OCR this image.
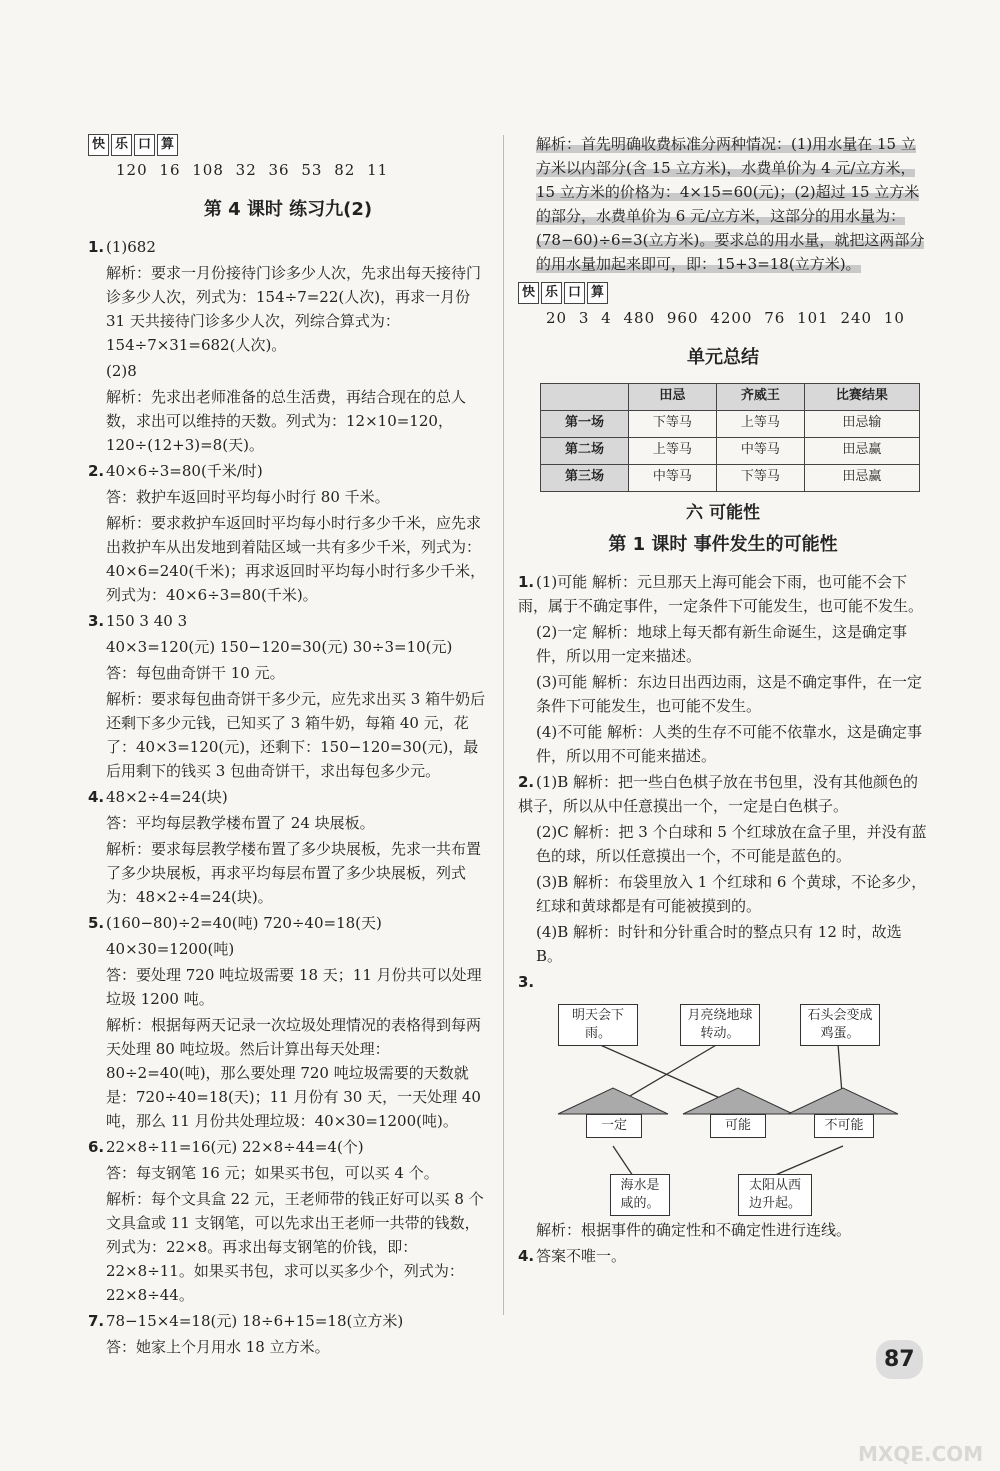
快 乐 口 算
120 16 108 32 36 53 82 11
第 4 课时 练习九(2)
1. (1)682
解析：要求一月份接待门诊多少人次，先求出每天接待门诊多少人次，列式为：154÷7=22(人次)，再求一月份 31 天共接待门诊多少人次，列综合算式为：154÷7×31=682(人次)。
(2)8
解析：先求出老师准备的总生活费，再结合现在的总人数，求出可以维持的天数。列式为：12×10=120，120÷(12+3)=8(天)。
2. 40×6÷3=80(千米/时)
答：救护车返回时平均每小时行 80 千米。
解析：要求救护车返回时平均每小时行多少千米，应先求出救护车从出发地到着陆区域一共有多少千米，列式为：40×6=240(千米)；再求返回时平均每小时行多少千米，列式为：40×6÷3=80(千米)。
3. 150 3 40 3
40×3=120(元) 150−120=30(元) 30÷3=10(元)
答：每包曲奇饼干 10 元。
解析：要求每包曲奇饼干多少元，应先求出买 3 箱牛奶后还剩下多少元钱，已知买了 3 箱牛奶，每箱 40 元，花了：40×3=120(元)，还剩下：150−120=30(元)，最后用剩下的钱买 3 包曲奇饼干，求出每包多少元。
4. 48×2÷4=24(块)
答：平均每层教学楼布置了 24 块展板。
解析：要求每层教学楼布置了多少块展板，先求一共布置了多少块展板，再求平均每层布置了多少块展板，列式为：48×2÷4=24(块)。
5. (160−80)÷2=40(吨) 720÷40=18(天)
40×30=1200(吨)
答：要处理 720 吨垃圾需要 18 天；11 月份共可以处理垃圾 1200 吨。
解析：根据每两天记录一次垃圾处理情况的表格得到每两天处理 80 吨垃圾。然后计算出每天处理：80÷2=40(吨)，那么要处理 720 吨垃圾需要的天数就是：720÷40=18(天)；11 月份有 30 天，一天处理 40 吨，那么 11 月份共处理垃圾：40×30=1200(吨)。
6. 22×8÷11=16(元) 22×8÷44=4(个)
答：每支钢笔 16 元；如果买书包，可以买 4 个。
解析：每个文具盒 22 元，王老师带的钱正好可以买 8 个文具盒或 11 支钢笔，可以先求出王老师一共带的钱数，列式为：22×8。再求出每支钢笔的价钱，即：22×8÷11。如果买书包，求可以买多少个，列式为：22×8÷44。
7. 78−15×4=18(元) 18÷6+15=18(立方米)
答：她家上个月用水 18 立方米。
解析：首先明确收费标准分两种情况：(1)用水量在 15 立方米以内部分(含 15 立方米)，水费单价为 4 元/立方米，15 立方米的价格为：4×15=60(元)；(2)超过 15 立方米的部分，水费单价为 6 元/立方米，这部分的用水量为：(78−60)÷6=3(立方米)。要求总的用水量，就把这两部分的用水量加起来即可，即：15+3=18(立方米)。
快 乐 口 算
20 3 4 480 960 4200 76 101 240 10
单元总结
	田忌	齐威王	比赛结果
第一场	下等马	上等马	田忌输
第二场	上等马	中等马	田忌赢
第三场	中等马	下等马	田忌赢
六 可能性
第 1 课时 事件发生的可能性
1. (1)可能 解析：元旦那天上海可能会下雨，也可能不会下雨，属于不确定事件，一定条件下可能发生，也可能不发生。
(2)一定 解析：地球上每天都有新生命诞生，这是确定事件，所以用一定来描述。
(3)可能 解析：东边日出西边雨，这是不确定事件，在一定条件下可能发生，也可能不发生。
(4)不可能 解析：人类的生存不可能不依靠水，这是确定事件，所以用不可能来描述。
2. (1)B 解析：把一些白色棋子放在书包里，没有其他颜色的棋子，所以从中任意摸出一个，一定是白色棋子。
(2)C 解析：把 3 个白球和 5 个红球放在盒子里，并没有蓝色的球，所以任意摸出一个，不可能是蓝色的。
(3)B 解析：布袋里放入 1 个红球和 6 个黄球，不论多少，红球和黄球都是有可能被摸到的。
(4)B 解析：时针和分针重合时的整点只有 12 时，故选 B。
3.
明天会下雨。
月亮绕地球转动。
石头会变成鸡蛋。
一定	可能	不可能
海水是咸的。
太阳从西边升起。
解析：根据事件的确定性和不确定性进行连线。
4. 答案不唯一。
87
MXQE.COM
